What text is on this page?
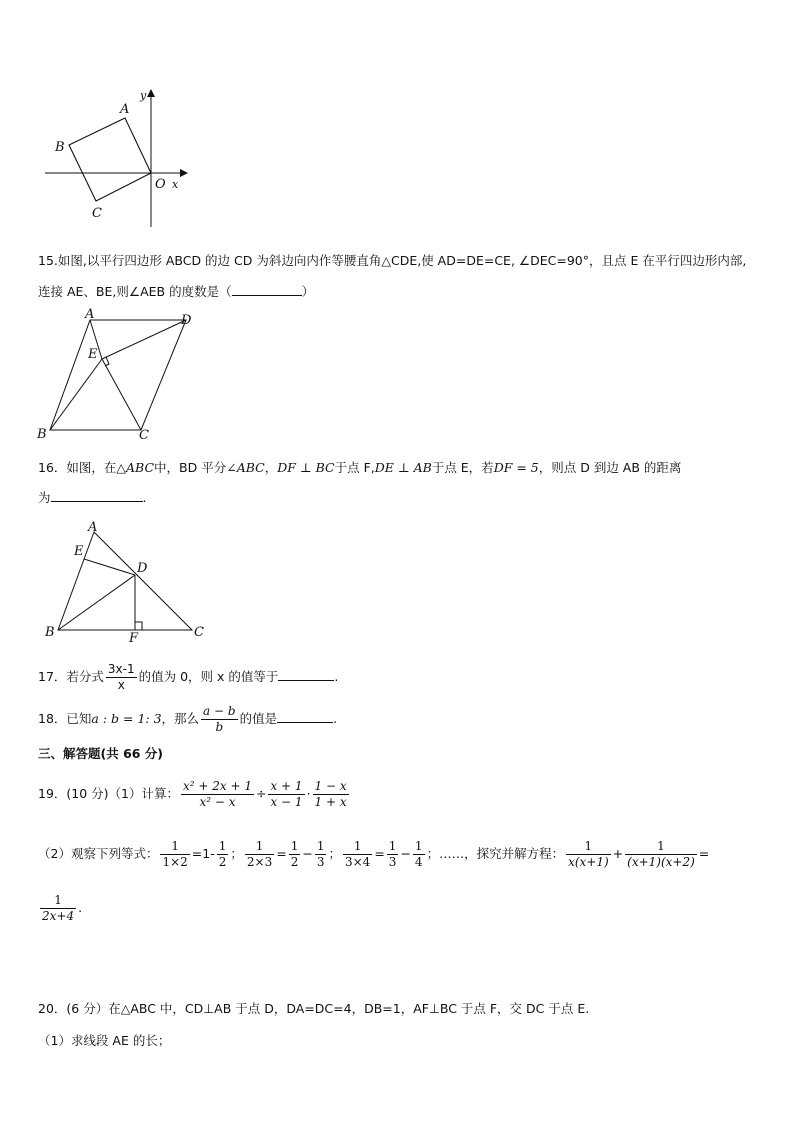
A
B
C
O x
y
15.如图,以平行四边形 ABCD 的边 CD 为斜边向内作等腰直角△CDE,使 AD=DE=CE, ∠DEC=90°，且点 E 在平行四边形内部,
连接 AE、BE,则∠AEB 的度数是（	）
A	D
E
B	C
16．如图，在△ABC中，BD 平分∠ABC，DF ⊥ BC于点 F,DE ⊥ AB于点 E，若DF = 5，则点 D 到边 AB 的距离
为	.
A
E
D
B	F	C
17．若分式 $\frac{3x-1}{x}$ 的值为 0，则 x 的值等于	.
18．已知a : b = 1: 3，那么 $\frac{a - b}{b}$ 的值是	.
三、解答题(共 66 分)
19．(10 分)（1）计算： $\frac{\text{x² + 2x + 1}}{\text{x² − x}} \div \frac{x + 1}{x - 1} \cdot \frac{1 - x}{1 + x}$
（2）观察下列等式： $\frac{1}{1\times 2} =1- \frac{1}{2}$ ； $\frac{1}{2\times 3} = \frac{1}{2} - \frac{1}{3}$ ； $\frac{1}{3\times 4} = \frac{1}{3} - \frac{1}{4}$ ；……，探究并解方程： $\frac{1}{x(x+1)} + \frac{1}{(x+1)(x+2)}$ =
$\frac{1}{2x+4}$ .
20．(6 分）在△ABC 中，CD⊥AB 于点 D，DA=DC=4，DB=1，AF⊥BC 于点 F，交 DC 于点 E.
（1）求线段 AE 的长；
